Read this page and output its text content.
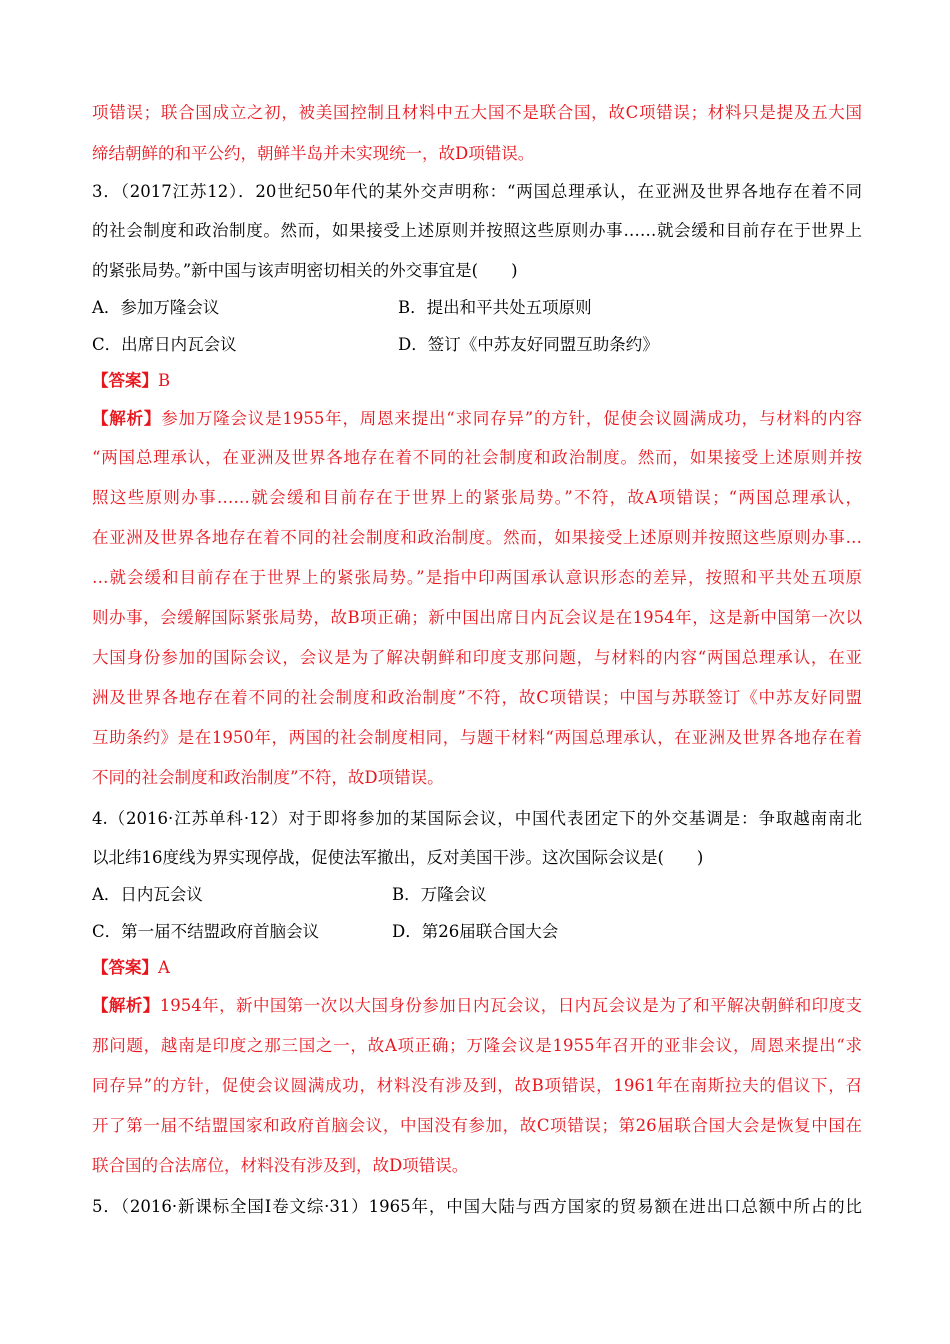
项错误；联合国成立之初，被美国控制且材料中五大国不是联合国，故C项错误；材料只是提及五大国
缔结朝鲜的和平公约，朝鲜半岛并未实现统一，故D项错误。
3．（2017江苏12）．20世纪50年代的某外交声明称：“两国总理承认，在亚洲及世界各地存在着不同
的社会制度和政治制度。然而，如果接受上述原则并按照这些原则办事……就会缓和目前存在于世界上
的紧张局势。”新中国与该声明密切相关的外交事宜是(　　)
A．参加万隆会议	B．提出和平共处五项原则
C．出席日内瓦会议	D．签订《中苏友好同盟互助条约》
【答案】B
【解析】参加万隆会议是1955年，周恩来提出“求同存异”的方针，促使会议圆满成功，与材料的内容
“两国总理承认，在亚洲及世界各地存在着不同的社会制度和政治制度。然而，如果接受上述原则并按
照这些原则办事……就会缓和目前存在于世界上的紧张局势。”不符，故A项错误；“两国总理承认，
在亚洲及世界各地存在着不同的社会制度和政治制度。然而，如果接受上述原则并按照这些原则办事…
…就会缓和目前存在于世界上的紧张局势。”是指中印两国承认意识形态的差异，按照和平共处五项原
则办事，会缓解国际紧张局势，故B项正确；新中国出席日内瓦会议是在1954年，这是新中国第一次以
大国身份参加的国际会议，会议是为了解决朝鲜和印度支那问题，与材料的内容“两国总理承认，在亚
洲及世界各地存在着不同的社会制度和政治制度”不符，故C项错误；中国与苏联签订《中苏友好同盟
互助条约》是在1950年，两国的社会制度相同，与题干材料“两国总理承认，在亚洲及世界各地存在着
不同的社会制度和政治制度”不符，故D项错误。
4.（2016·江苏单科·12）对于即将参加的某国际会议，中国代表团定下的外交基调是：争取越南南北
以北纬16度线为界实现停战，促使法军撤出，反对美国干涉。这次国际会议是(　　)
A．日内瓦会议	B．万隆会议
C．第一届不结盟政府首脑会议	D．第26届联合国大会
【答案】A
【解析】1954年，新中国第一次以大国身份参加日内瓦会议，日内瓦会议是为了和平解决朝鲜和印度支
那问题，越南是印度之那三国之一，故A项正确；万隆会议是1955年召开的亚非会议，周恩来提出“求
同存异”的方针，促使会议圆满成功，材料没有涉及到，故B项错误，1961年在南斯拉夫的倡议下，召
开了第一届不结盟国家和政府首脑会议，中国没有参加，故C项错误；第26届联合国大会是恢复中国在
联合国的合法席位，材料没有涉及到，故D项错误。
5．（2016·新课标全国Ⅰ卷文综·31）1965年，中国大陆与西方国家的贸易额在进出口总额中所占的比
